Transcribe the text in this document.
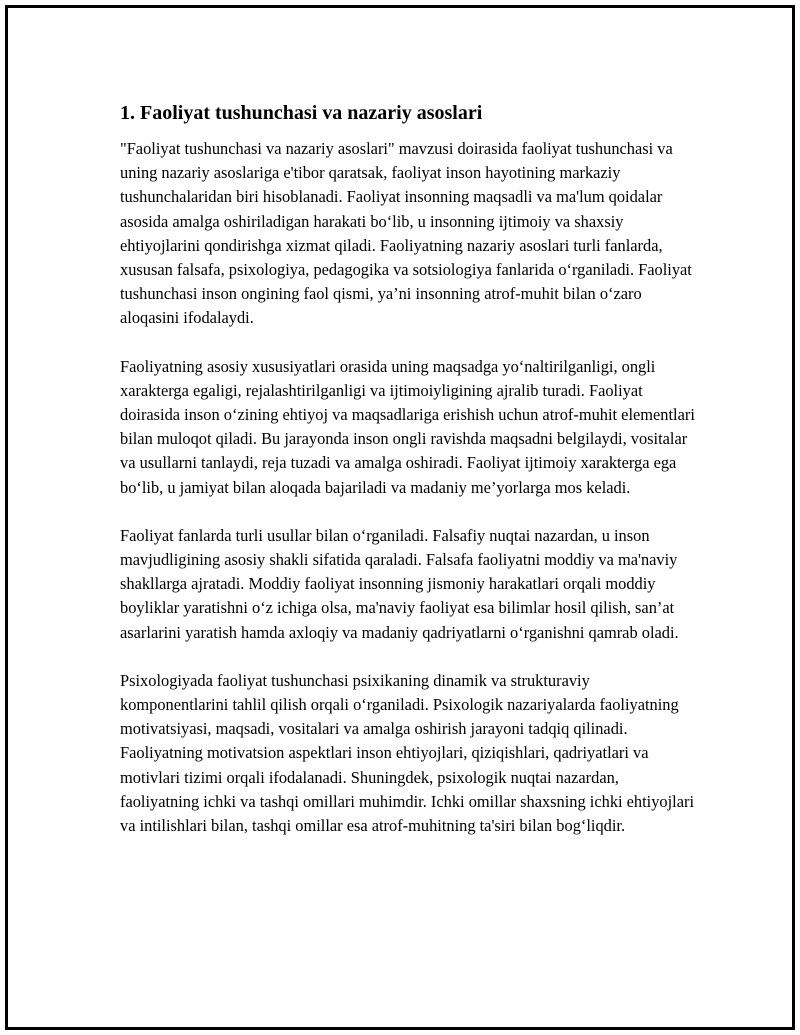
1. Faoliyat tushunchasi va nazariy asoslari

"Faoliyat tushunchasi va nazariy asoslari" mavzusi doirasida faoliyat tushunchasi va uning nazariy asoslariga e'tibor qaratsak, faoliyat inson hayotining markaziy tushunchalaridan biri hisoblanadi. Faoliyat insonning maqsadli va ma'lum qoidalar asosida amalga oshiriladigan harakati bo‘lib, u insonning ijtimoiy va shaxsiy ehtiyojlarini qondirishga xizmat qiladi. Faoliyatning nazariy asoslari turli fanlarda, xususan falsafa, psixologiya, pedagogika va sotsiologiya fanlarida o‘rganiladi. Faoliyat tushunchasi inson ongining faol qismi, ya’ni insonning atrof-muhit bilan o‘zaro aloqasini ifodalaydi.

Faoliyatning asosiy xususiyatlari orasida uning maqsadga yo‘naltirilganligi, ongli xarakterga egaligi, rejalashtirilganligi va ijtimoiyligining ajralib turadi. Faoliyat doirasida inson o‘zining ehtiyoj va maqsadlariga erishish uchun atrof-muhit elementlari bilan muloqot qiladi. Bu jarayonda inson ongli ravishda maqsadni belgilaydi, vositalar va usullarni tanlaydi, reja tuzadi va amalga oshiradi. Faoliyat ijtimoiy xarakterga ega bo‘lib, u jamiyat bilan aloqada bajariladi va madaniy me’yorlarga mos keladi.

Faoliyat fanlarda turli usullar bilan o‘rganiladi. Falsafiy nuqtai nazardan, u inson mavjudligining asosiy shakli sifatida qaraladi. Falsafa faoliyatni moddiy va ma'naviy shakllarga ajratadi. Moddiy faoliyat insonning jismoniy harakatlari orqali moddiy boyliklar yaratishni o‘z ichiga olsa, ma'naviy faoliyat esa bilimlar hosil qilish, san’at asarlarini yaratish hamda axloqiy va madaniy qadriyatlarni o‘rganishni qamrab oladi.

Psixologiyada faoliyat tushunchasi psixikaning dinamik va strukturaviy komponentlarini tahlil qilish orqali o‘rganiladi. Psixologik nazariyalarda faoliyatning motivatsiyasi, maqsadi, vositalari va amalga oshirish jarayoni tadqiq qilinadi. Faoliyatning motivatsion aspektlari inson ehtiyojlari, qiziqishlari, qadriyatlari va motivlari tizimi orqali ifodalanadi. Shuningdek, psixologik nuqtai nazardan, faoliyatning ichki va tashqi omillari muhimdir. Ichki omillar shaxsning ichki ehtiyojlari va intilishlari bilan, tashqi omillar esa atrof-muhitning ta'siri bilan bog‘liqdir.
